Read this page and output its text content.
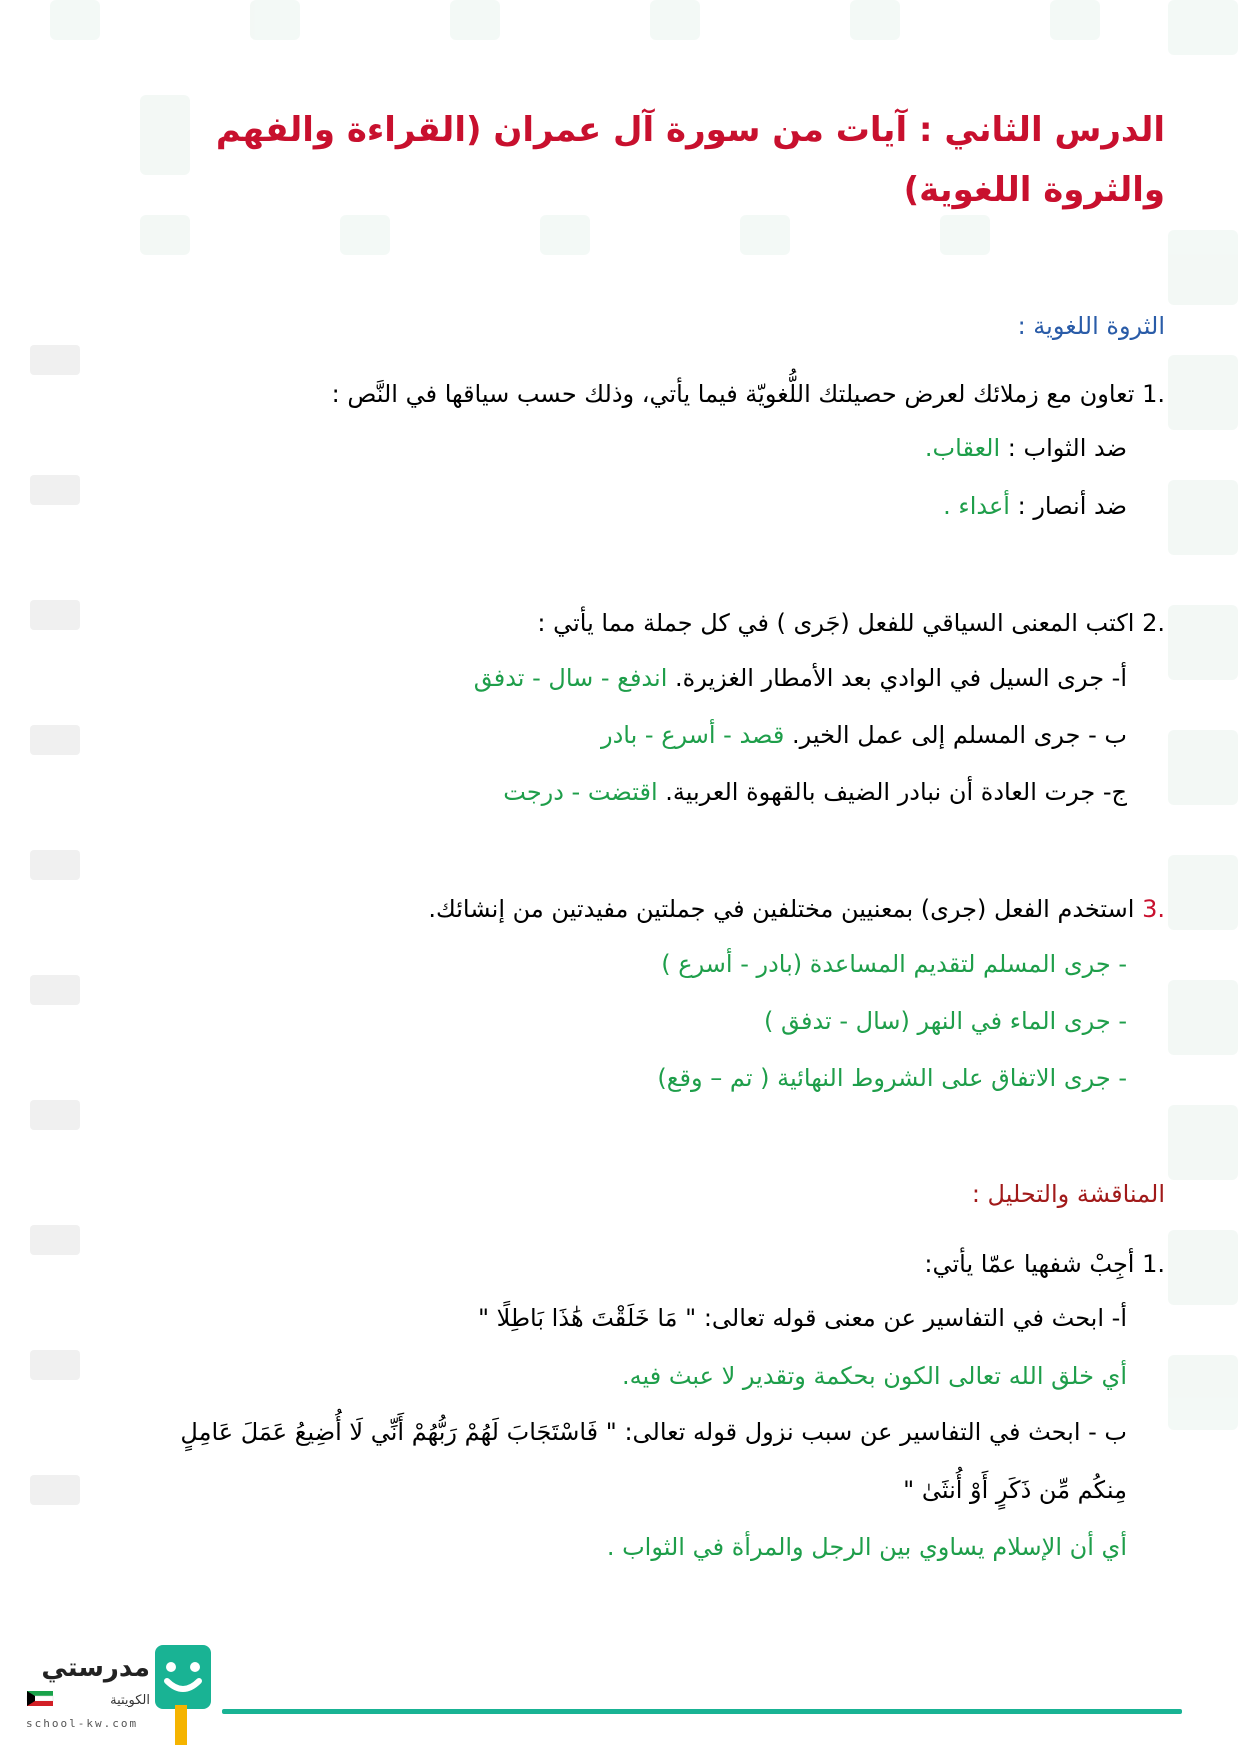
الدرس الثاني : آيات من سورة آل عمران (القراءة والفهم والثروة اللغوية)

الثروة اللغوية :

1. تعاون مع زملائك لعرض حصيلتك اللُّغويّة فيما يأتي، وذلك حسب سياقها في النَّص :
ضد الثواب : العقاب.
ضد أنصار : أعداء .
2. اكتب المعنى السياقي للفعل (جَرى ) في كل جملة مما يأتي :
أ- جرى السيل في الوادي بعد الأمطار الغزيرة. اندفع - سال - تدفق
ب - جرى المسلم إلى عمل الخير. قصد - أسرع - بادر
ج- جرت العادة أن نبادر الضيف بالقهوة العربية. اقتضت - درجت
3. استخدم الفعل (جرى) بمعنيين مختلفين في جملتين مفيدتين من إنشائك.
- جرى المسلم لتقديم المساعدة (بادر - أسرع )
- جرى الماء في النهر (سال - تدفق )
- جرى الاتفاق على الشروط النهائية ( تم – وقع)

المناقشة والتحليل :

1. أجِبْ شفهيا عمّا يأتي:
أ- ابحث في التفاسير عن معنى قوله تعالى: " مَا خَلَقْتَ هَٰذَا بَاطِلًا "
أي خلق الله تعالى الكون بحكمة وتقدير لا عبث فيه.
ب - ابحث في التفاسير عن سبب نزول قوله تعالى: " فَاسْتَجَابَ لَهُمْ رَبُّهُمْ أَنِّي لَا أُضِيعُ عَمَلَ عَامِلٍ
مِنكُم مِّن ذَكَرٍ أَوْ أُنثَىٰ "
أي أن الإسلام يساوي بين الرجل والمرأة في الثواب .
مدرستي
الكويتية
school-kw.com
